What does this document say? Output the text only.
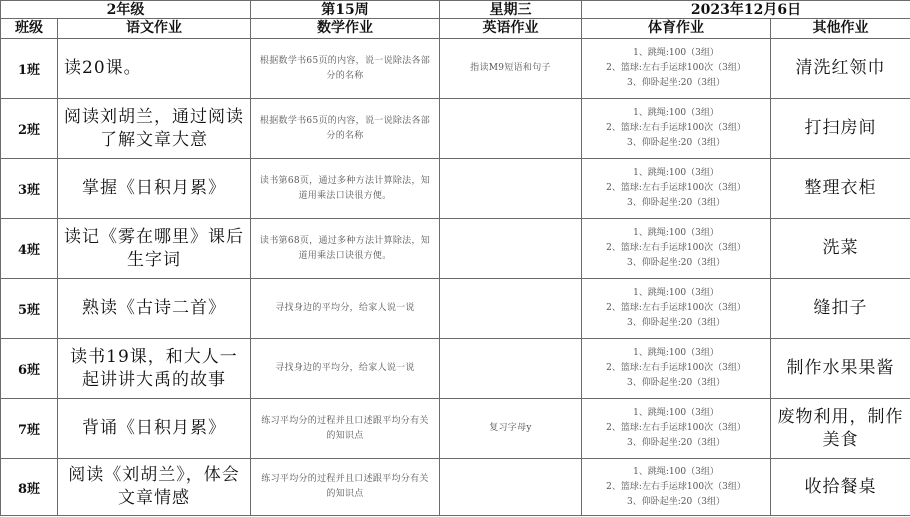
2年级		第15周	星期三	2023年12月6日	
班级	语文作业	数学作业	英语作业	体育作业	其他作业
1班	读20课。	根据数学书65页的内容，说一说除法各部分的名称	指读M9短语和句子	1、跳绳:100（3组）
2、篮球:左右手运球100次（3组）
3、仰卧起坐:20（3组）	清洗红领巾
2班	阅读刘胡兰，通过阅读了解文章大意	根据数学书65页的内容，说一说除法各部分的名称		1、跳绳:100（3组）
2、篮球:左右手运球100次（3组）
3、仰卧起坐:20（3组）	打扫房间
3班	掌握《日积月累》	读书第68页，通过多种方法计算除法，知道用乘法口诀很方便。		1、跳绳:100（3组）
2、篮球:左右手运球100次（3组）
3、仰卧起坐:20（3组）	整理衣柜
4班	读记《雾在哪里》课后生字词	读书第68页，通过多种方法计算除法，知道用乘法口诀很方便。		1、跳绳:100（3组）
2、篮球:左右手运球100次（3组）
3、仰卧起坐:20（3组）	洗菜
5班	熟读《古诗二首》	寻找身边的平均分，给家人说一说		1、跳绳:100（3组）
2、篮球:左右手运球100次（3组）
3、仰卧起坐:20（3组）	缝扣子
6班	读书19课，和大人一起讲讲大禹的故事	寻找身边的平均分，给家人说一说		1、跳绳:100（3组）
2、篮球:左右手运球100次（3组）
3、仰卧起坐:20（3组）	制作水果果酱
7班	背诵《日积月累》	练习平均分的过程并且口述跟平均分有关的知识点	复习字母y	1、跳绳:100（3组）
2、篮球:左右手运球100次（3组）
3、仰卧起坐:20（3组）	废物利用，制作美食
8班	阅读《刘胡兰》，体会文章情感	练习平均分的过程并且口述跟平均分有关的知识点		1、跳绳:100（3组）
2、篮球:左右手运球100次（3组）
3、仰卧起坐:20（3组）	收拾餐桌
